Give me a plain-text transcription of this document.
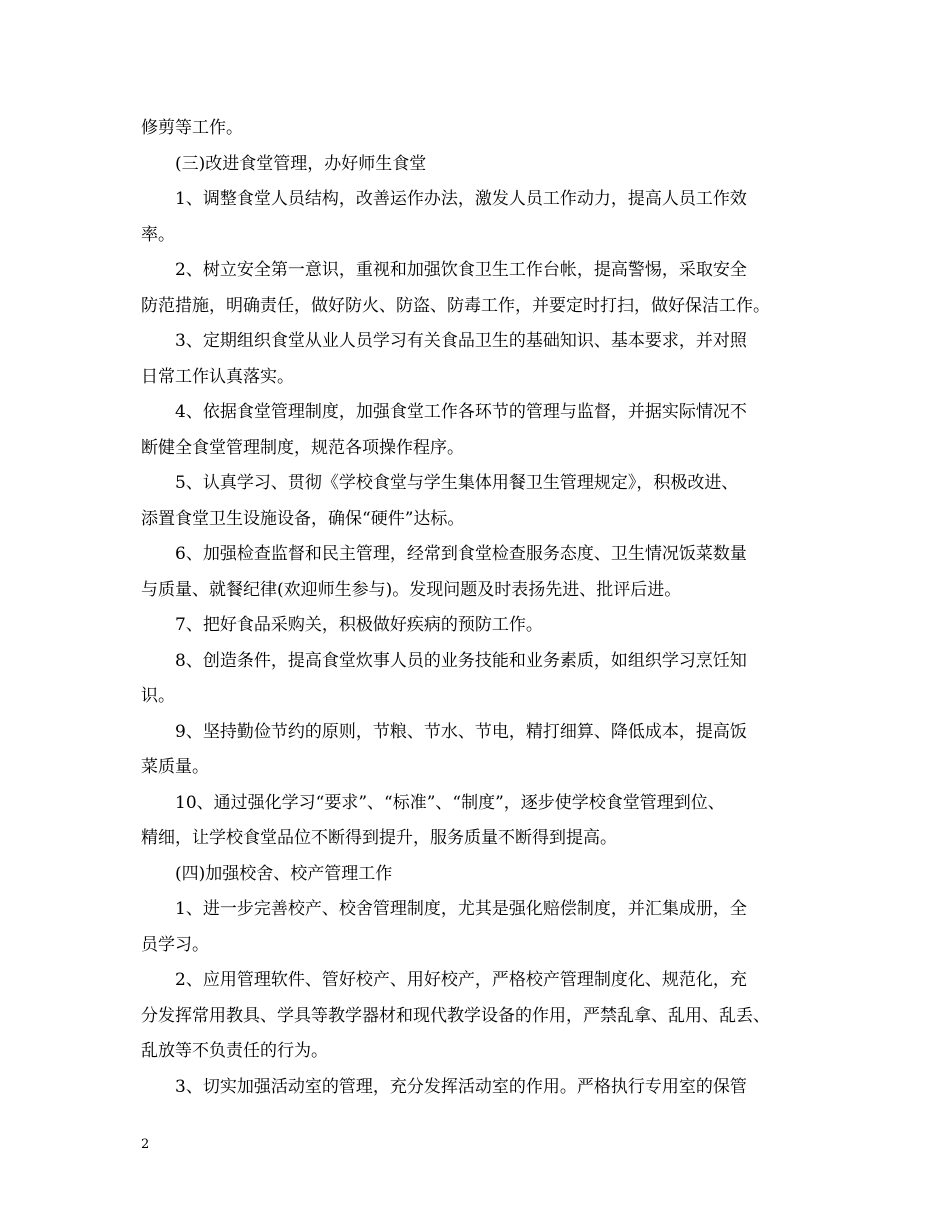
修剪等工作。
(三)改进食堂管理，办好师生食堂
1、调整食堂人员结构，改善运作办法，激发人员工作动力，提高人员工作效
率。
2、树立安全第一意识，重视和加强饮食卫生工作台帐，提高警惕，采取安全
防范措施，明确责任，做好防火、防盗、防毒工作，并要定时打扫，做好保洁工作。
3、定期组织食堂从业人员学习有关食品卫生的基础知识、基本要求，并对照
日常工作认真落实。
4、依据食堂管理制度，加强食堂工作各环节的管理与监督，并据实际情况不
断健全食堂管理制度，规范各项操作程序。
5、认真学习、贯彻《学校食堂与学生集体用餐卫生管理规定》，积极改进、
添置食堂卫生设施设备，确保“硬件”达标。
6、加强检查监督和民主管理，经常到食堂检查服务态度、卫生情况饭菜数量
与质量、就餐纪律(欢迎师生参与)。发现问题及时表扬先进、批评后进。
7、把好食品采购关，积极做好疾病的预防工作。
8、创造条件，提高食堂炊事人员的业务技能和业务素质，如组织学习烹饪知
识。
9、坚持勤俭节约的原则，节粮、节水、节电，精打细算、降低成本，提高饭
菜质量。
10、通过强化学习“要求”、“标准”、“制度”，逐步使学校食堂管理到位、
精细，让学校食堂品位不断得到提升，服务质量不断得到提高。
(四)加强校舍、校产管理工作
1、进一步完善校产、校舍管理制度，尤其是强化赔偿制度，并汇集成册，全
员学习。
2、应用管理软件、管好校产、用好校产，严格校产管理制度化、规范化，充
分发挥常用教具、学具等教学器材和现代教学设备的作用，严禁乱拿、乱用、乱丢、
乱放等不负责任的行为。
3、切实加强活动室的管理，充分发挥活动室的作用。严格执行专用室的保管
2
